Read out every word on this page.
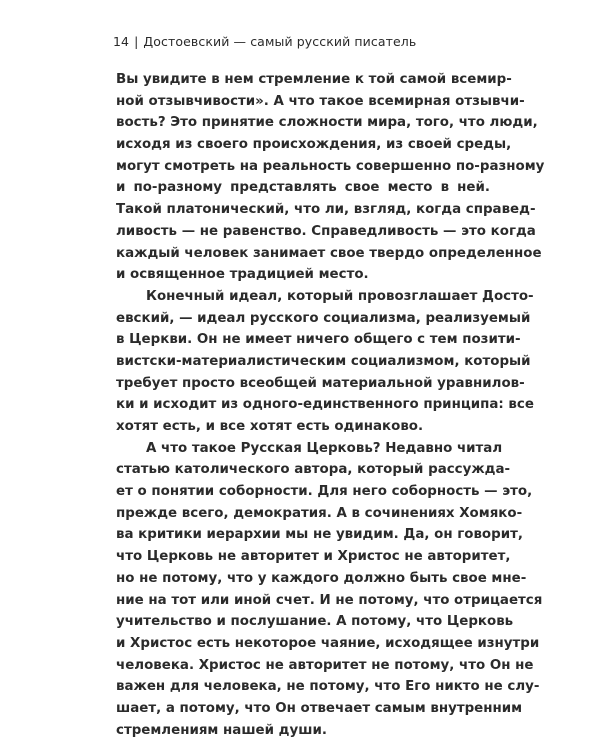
14 | Достоевский — самый русский писатель
Вы увидите в нем стремление к той самой всемир-
ной отзывчивости». А что такое всемирная отзывчи-
вость? Это принятие сложности мира, того, что люди,
исходя из своего происхождения, из своей среды,
могут смотреть на реальность совершенно по-разному
и по-разному представлять свое место в ней.
Такой платонический, что ли, взгляд, когда справед-
ливость — не равенство. Справедливость — это когда
каждый человек занимает свое твердо определенное
и освященное традицией место.
Конечный идеал, который провозглашает Досто-
евский, — идеал русского социализма, реализуемый
в Церкви. Он не имеет ничего общего с тем позити-
вистски-материалистическим социализмом, который
требует просто всеобщей материальной уравнилов-
ки и исходит из одного-единственного принципа: все
хотят есть, и все хотят есть одинаково.
А что такое Русская Церковь? Недавно читал
статью католического автора, который рассужда-
ет о понятии соборности. Для него соборность — это,
прежде всего, демократия. А в сочинениях Хомяко-
ва критики иерархии мы не увидим. Да, он говорит,
что Церковь не авторитет и Христос не авторитет,
но не потому, что у каждого должно быть свое мне-
ние на тот или иной счет. И не потому, что отрицается
учительство и послушание. А потому, что Церковь
и Христос есть некоторое чаяние, исходящее изнутри
человека. Христос не авторитет не потому, что Он не
важен для человека, не потому, что Его никто не слу-
шает, а потому, что Он отвечает самым внутренним
стремлениям нашей души.
